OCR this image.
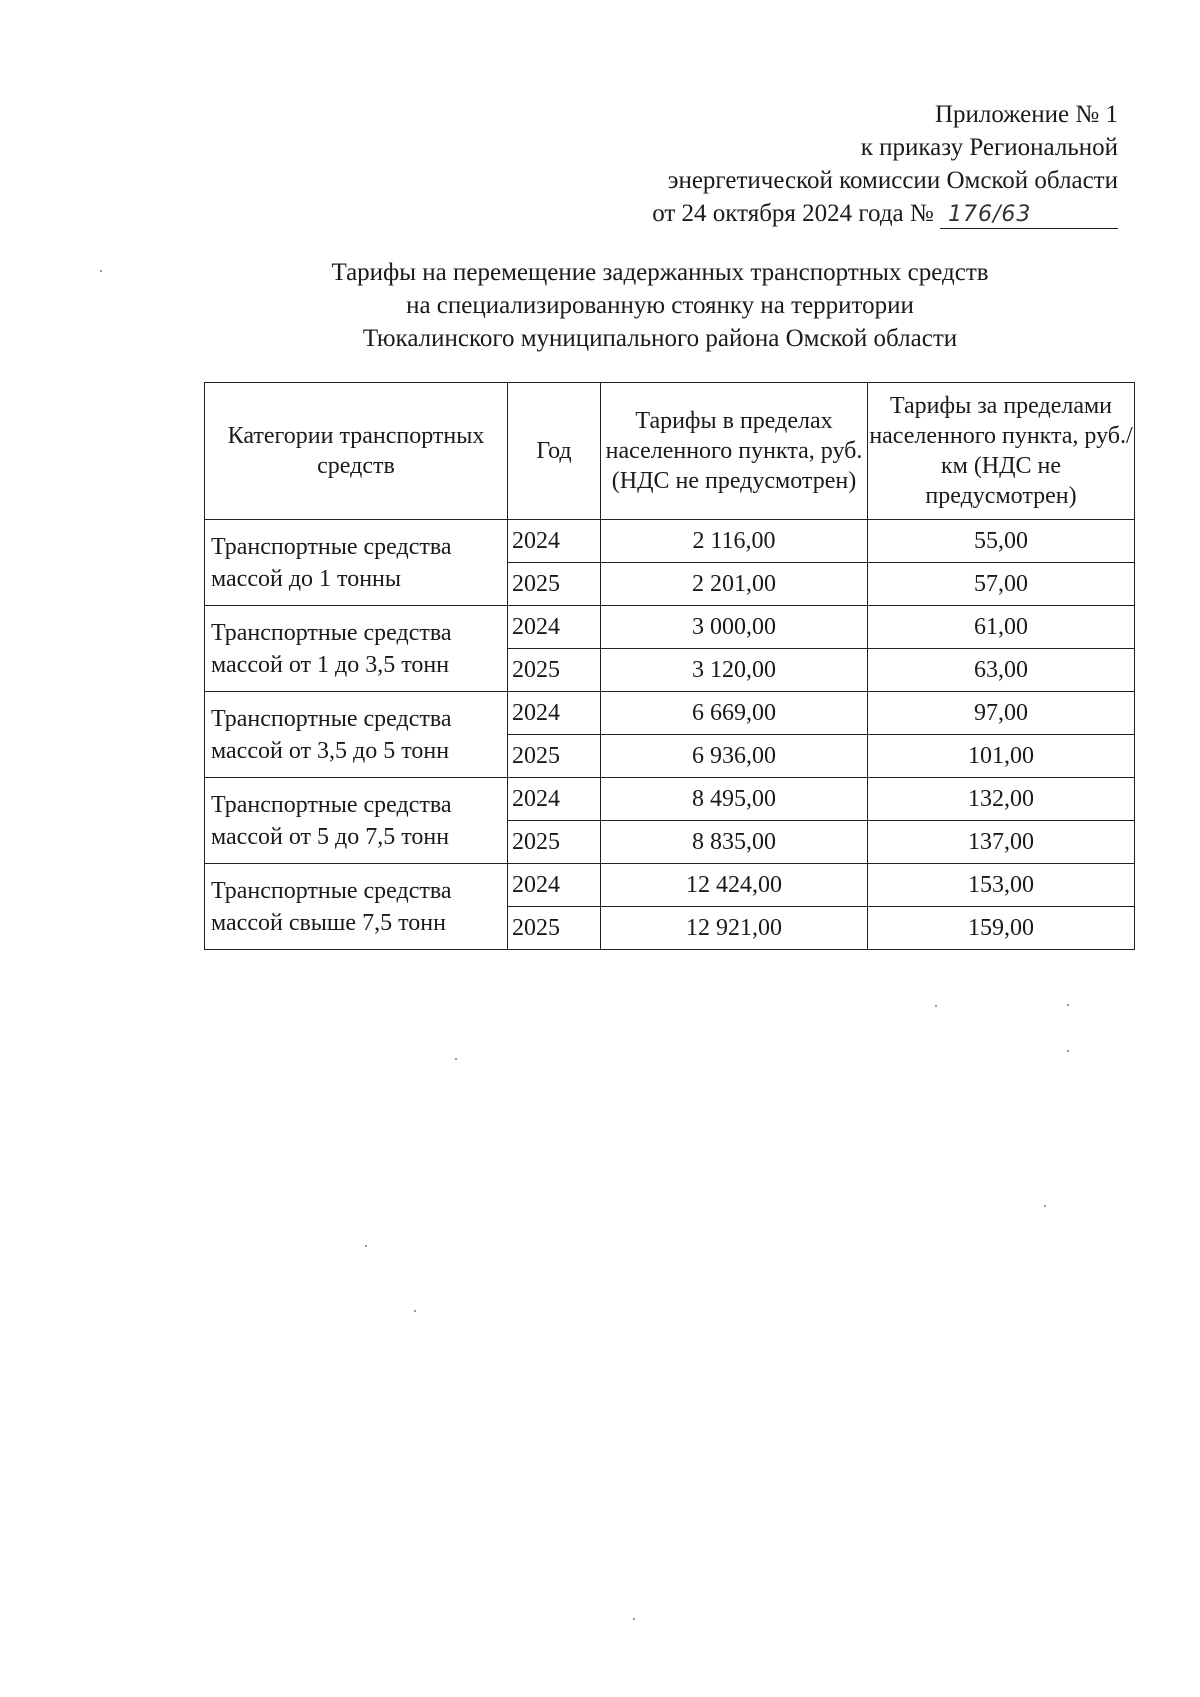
Приложение № 1
к приказу Региональной
энергетической комиссии Омской области
от 24 октября 2024 года № 176/63
Тарифы на перемещение задержанных транспортных средств
на специализированную стоянку на территории
Тюкалинского муниципального района Омской области
Категории транспортных средств	Год	Тарифы в пределах населенного пункта, руб. (НДС не предусмотрен)	Тарифы за пределами населенного пункта, руб./км (НДС не предусмотрен)
Транспортные средства массой до 1 тонны	2024	2 116,00	55,00
	2025	2 201,00	57,00
Транспортные средства массой от 1 до 3,5 тонн	2024	3 000,00	61,00
	2025	3 120,00	63,00
Транспортные средства массой от 3,5 до 5 тонн	2024	6 669,00	97,00
	2025	6 936,00	101,00
Транспортные средства массой от 5 до 7,5 тонн	2024	8 495,00	132,00
	2025	8 835,00	137,00
Транспортные средства массой свыше 7,5 тонн	2024	12 424,00	153,00
	2025	12 921,00	159,00
